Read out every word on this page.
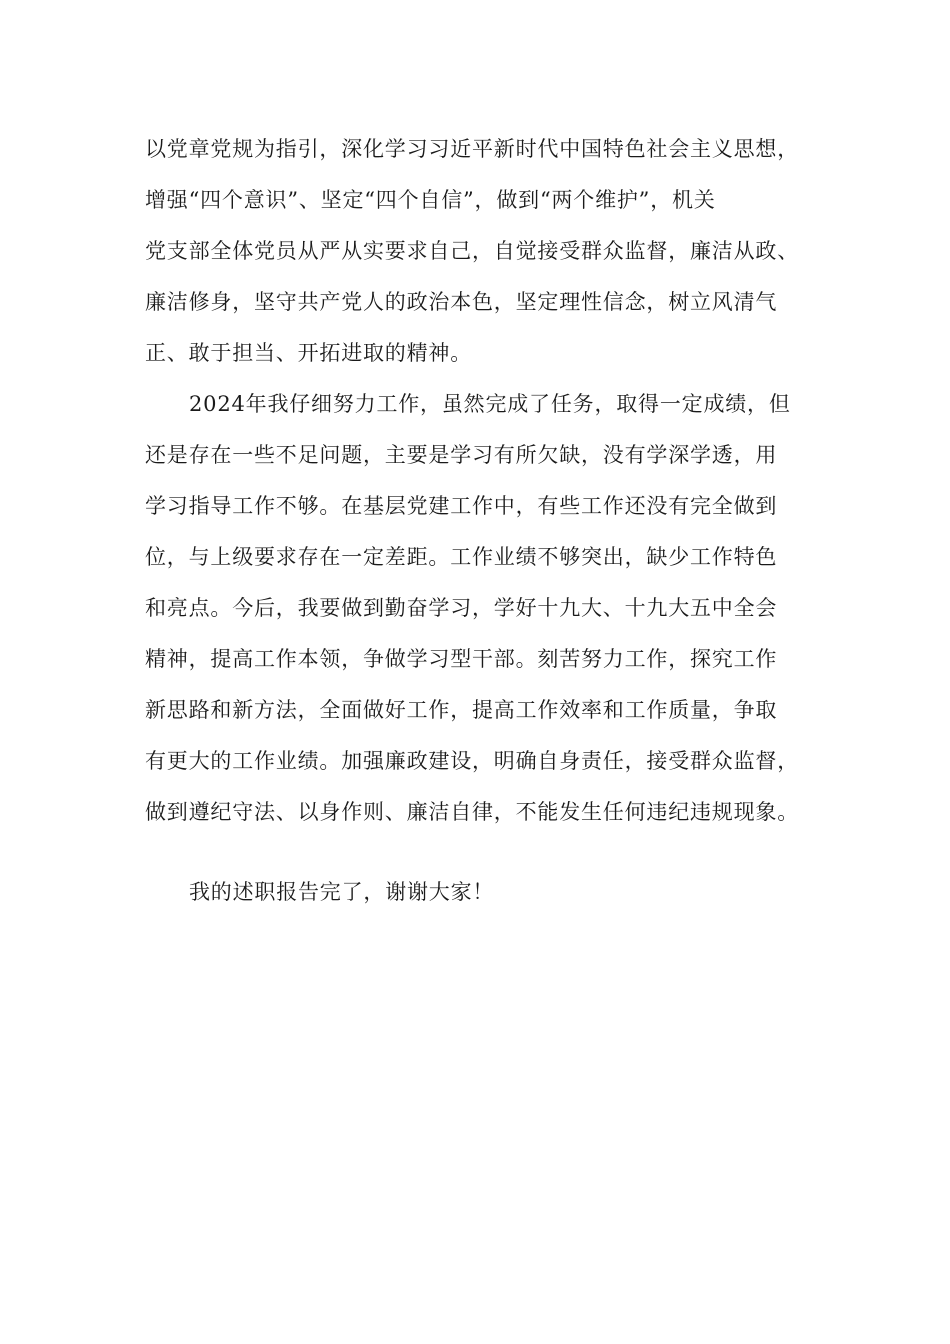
以党章党规为指引，深化学习习近平新时代中国特色社会主义思想，
增强“四个意识”、坚定“四个自信”，做到“两个维护”，机关
党支部全体党员从严从实要求自己，自觉接受群众监督，廉洁从政、
廉洁修身，坚守共产党人的政治本色，坚定理性信念，树立风清气
正、敢于担当、开拓进取的精神。
2024年我仔细努力工作，虽然完成了任务，取得一定成绩，但
还是存在一些不足问题，主要是学习有所欠缺，没有学深学透，用
学习指导工作不够。在基层党建工作中，有些工作还没有完全做到
位，与上级要求存在一定差距。工作业绩不够突出，缺少工作特色
和亮点。今后，我要做到勤奋学习，学好十九大、十九大五中全会
精神，提高工作本领，争做学习型干部。刻苦努力工作，探究工作
新思路和新方法，全面做好工作，提高工作效率和工作质量，争取
有更大的工作业绩。加强廉政建设，明确自身责任，接受群众监督，
做到遵纪守法、以身作则、廉洁自律，不能发生任何违纪违规现象。
我的述职报告完了，谢谢大家！
